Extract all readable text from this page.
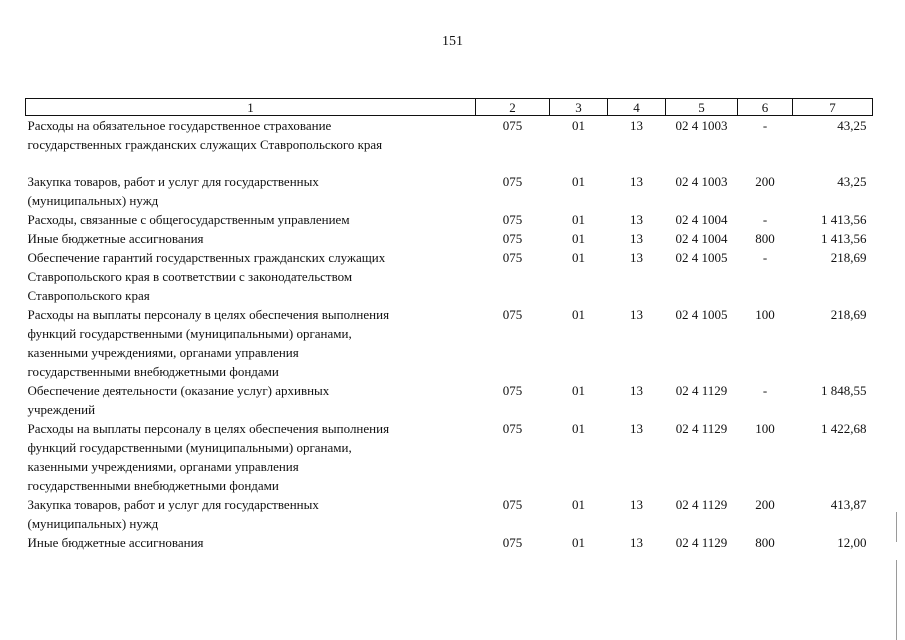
151
1	2	3	4	5	6	7

Расходы на обязательное государственное страхование
государственных гражданских служащих Ставропольского края	075	01	13	02 4 1003	-	43,25

Закупка товаров, работ и услуг для государственных
(муниципальных) нужд	075	01	13	02 4 1003	200	43,25

Расходы, связанные с общегосударственным управлением	075	01	13	02 4 1004	-	1 413,56

Иные бюджетные ассигнования	075	01	13	02 4 1004	800	1 413,56

Обеспечение гарантий государственных гражданских служащих
Ставропольского края в соответствии с законодательством
Ставропольского края	075	01	13	02 4 1005	-	218,69

Расходы на выплаты персоналу в целях обеспечения выполнения
функций государственными (муниципальными) органами,
казенными учреждениями, органами управления
государственными внебюджетными фондами	075	01	13	02 4 1005	100	218,69

Обеспечение деятельности (оказание услуг) архивных
учреждений	075	01	13	02 4 1129	-	1 848,55

Расходы на выплаты персоналу в целях обеспечения выполнения
функций государственными (муниципальными) органами,
казенными учреждениями, органами управления
государственными внебюджетными фондами	075	01	13	02 4 1129	100	1 422,68

Закупка товаров, работ и услуг для государственных
(муниципальных) нужд	075	01	13	02 4 1129	200	413,87

Иные бюджетные ассигнования	075	01	13	02 4 1129	800	12,00
